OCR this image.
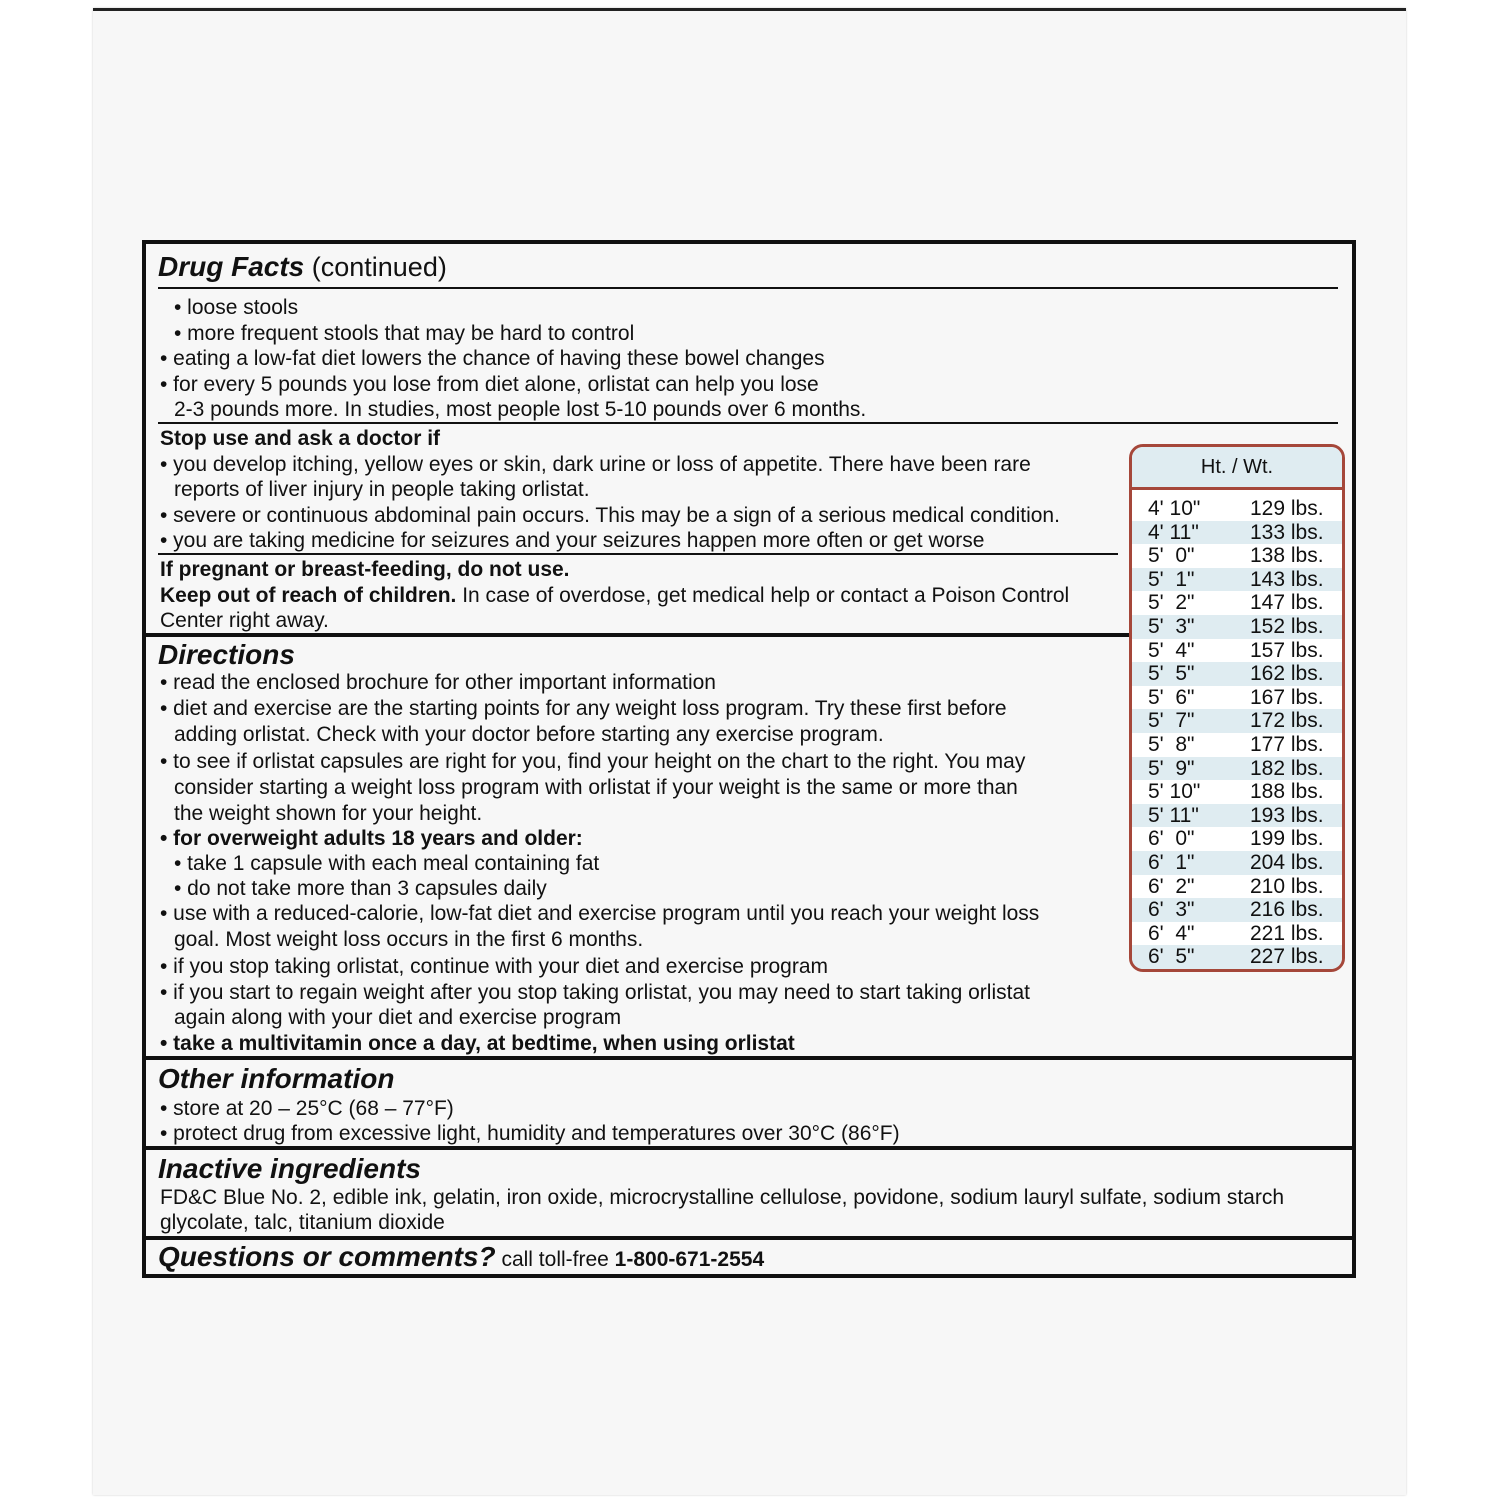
Drug Facts (continued)
• loose stools
• more frequent stools that may be hard to control
• eating a low-fat diet lowers the chance of having these bowel changes
• for every 5 pounds you lose from diet alone, orlistat can help you lose
2-3 pounds more. In studies, most people lost 5-10 pounds over 6 months.
Stop use and ask a doctor if
• you develop itching, yellow eyes or skin, dark urine or loss of appetite. There have been rare
reports of liver injury in people taking orlistat.
• severe or continuous abdominal pain occurs. This may be a sign of a serious medical condition.
• you are taking medicine for seizures and your seizures happen more often or get worse
If pregnant or breast-feeding, do not use.
Keep out of reach of children. In case of overdose, get medical help or contact a Poison Control
Center right away.
Directions
• read the enclosed brochure for other important information
• diet and exercise are the starting points for any weight loss program. Try these first before
adding orlistat. Check with your doctor before starting any exercise program.
• to see if orlistat capsules are right for you, find your height on the chart to the right. You may
consider starting a weight loss program with orlistat if your weight is the same or more than
the weight shown for your height.
• for overweight adults 18 years and older:
• take 1 capsule with each meal containing fat
• do not take more than 3 capsules daily
• use with a reduced-calorie, low-fat diet and exercise program until you reach your weight loss
goal. Most weight loss occurs in the first 6 months.
• if you stop taking orlistat, continue with your diet and exercise program
• if you start to regain weight after you stop taking orlistat, you may need to start taking orlistat
again along with your diet and exercise program
• take a multivitamin once a day, at bedtime, when using orlistat
Other information
• store at 20 – 25°C (68 – 77°F)
• protect drug from excessive light, humidity and temperatures over 30°C (86°F)
Inactive ingredients
FD&C Blue No. 2, edible ink, gelatin, iron oxide, microcrystalline cellulose, povidone, sodium lauryl sulfate, sodium starch
glycolate, talc, titanium dioxide
Questions or comments? call toll-free 1-800-671-2554
Ht. / Wt.
4' 10" 129 lbs.
4' 11" 133 lbs.
5'  0"	138 lbs.
5'  1"	143 lbs.
5'  2"	147 lbs.
5'  3"	152 lbs.
5'  4"	157 lbs.
5'  5"	162 lbs.
5'  6"	167 lbs.
5'  7"	172 lbs.
5'  8"	177 lbs.
5'  9"	182 lbs.
5' 10" 188 lbs.
5' 11" 193 lbs.
6'  0"	199 lbs.
6'  1"	204 lbs.
6'  2"	210 lbs.
6'  3"	216 lbs.
6'  4"	221 lbs.
6'  5"	227 lbs.
